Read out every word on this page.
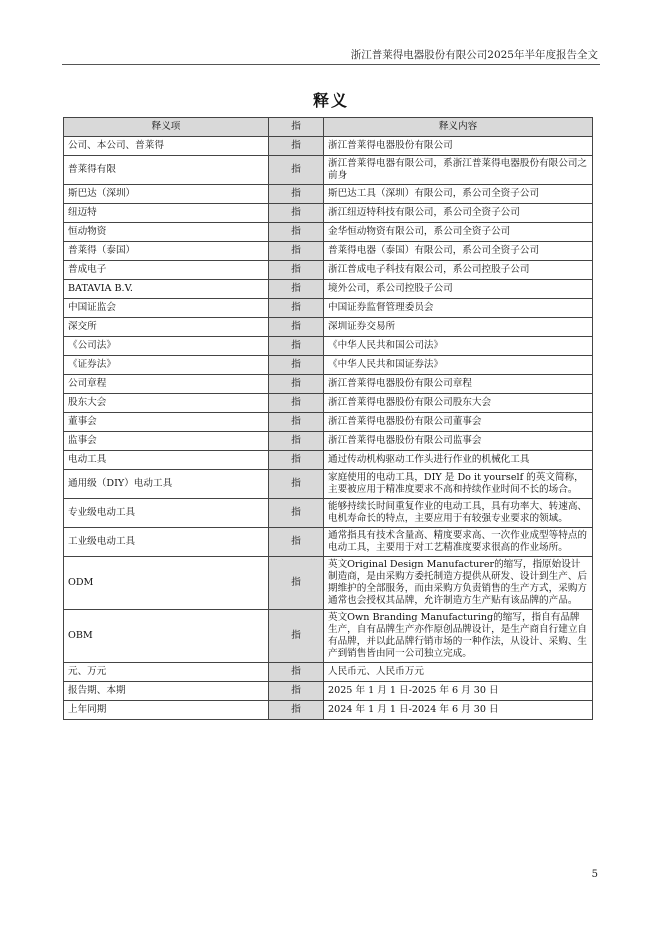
浙江普莱得电器股份有限公司2025年半年度报告全文
释义
释义项	指	释义内容
公司、本公司、普莱得	指	浙江普莱得电器股份有限公司
普莱得有限	指	浙江普莱得电器有限公司，系浙江普莱得电器股份有限公司之前身
斯巴达（深圳）	指	斯巴达工具（深圳）有限公司，系公司全资子公司
纽迈特	指	浙江纽迈特科技有限公司，系公司全资子公司
恒动物资	指	金华恒动物资有限公司，系公司全资子公司
普莱得（泰国）	指	普莱得电器（泰国）有限公司，系公司全资子公司
普成电子	指	浙江普成电子科技有限公司，系公司控股子公司
BATAVIA B.V.	指	境外公司，系公司控股子公司
中国证监会	指	中国证券监督管理委员会
深交所	指	深圳证券交易所
《公司法》	指	《中华人民共和国公司法》
《证券法》	指	《中华人民共和国证券法》
公司章程	指	浙江普莱得电器股份有限公司章程
股东大会	指	浙江普莱得电器股份有限公司股东大会
董事会	指	浙江普莱得电器股份有限公司董事会
监事会	指	浙江普莱得电器股份有限公司监事会
电动工具	指	通过传动机构驱动工作头进行作业的机械化工具
通用级（DIY）电动工具	指	家庭使用的电动工具，DIY 是 Do it yourself 的英文简称，主要被应用于精准度要求不高和持续作业时间不长的场合。
专业级电动工具	指	能够持续长时间重复作业的电动工具，具有功率大、转速高、电机寿命长的特点，主要应用于有较强专业要求的领域。
工业级电动工具	指	通常指具有技术含量高、精度要求高、一次作业成型等特点的电动工具，主要用于对工艺精准度要求很高的作业场所。
ODM	指	英文Original Design Manufacturer的缩写，指原始设计制造商，是由采购方委托制造方提供从研发、设计到生产、后期维护的全部服务，而由采购方负责销售的生产方式，采购方通常也会授权其品牌，允许制造方生产贴有该品牌的产品。
OBM	指	英文Own Branding Manufacturing的缩写，指自有品牌生产，自有品牌生产亦作原创品牌设计，是生产商自行建立自有品牌，并以此品牌行销市场的一种作法，从设计、采购、生产到销售皆由同一公司独立完成。
元、万元	指	人民币元、人民币万元
报告期、本期	指	2025 年 1 月 1 日-2025 年 6 月 30 日
上年同期	指	2024 年 1 月 1 日-2024 年 6 月 30 日
5
